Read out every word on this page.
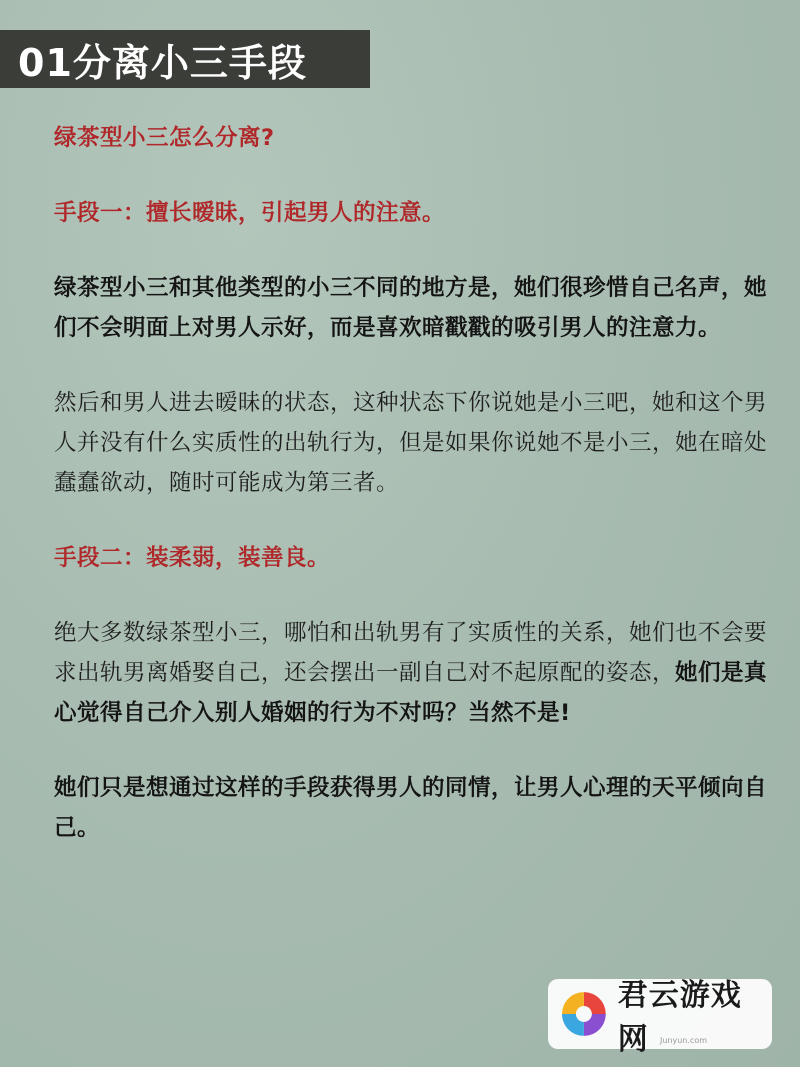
01分离小三手段

绿茶型小三怎么分离?

手段一：擅长暧昧，引起男人的注意。

绿茶型小三和其他类型的小三不同的地方是，她们很珍惜自己名声，她们不会明面上对男人示好，而是喜欢暗戳戳的吸引男人的注意力。

然后和男人进去暧昧的状态，这种状态下你说她是小三吧，她和这个男人并没有什么实质性的出轨行为，但是如果你说她不是小三，她在暗处蠢蠢欲动，随时可能成为第三者。

手段二：装柔弱，装善良。

绝大多数绿茶型小三，哪怕和出轨男有了实质性的关系，她们也不会要求出轨男离婚娶自己，还会摆出一副自己对不起原配的姿态，她们是真心觉得自己介入别人婚姻的行为不对吗？当然不是!

她们只是想通过这样的手段获得男人的同情，让男人心理的天平倾向自己。

君云游戏网	Junyun.com
